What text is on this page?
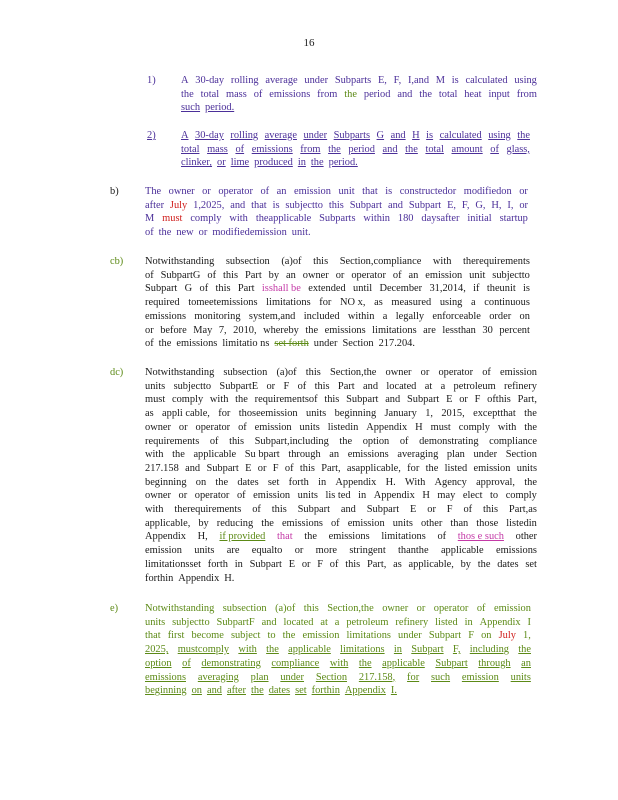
16
1) A 30-day rolling average under Subparts E, F, I,and M is calculated using
the total mass of emissions from the period and the total heat input from
such period.
2) A 30-day rolling average under Subparts G and H is calculated using the
total mass of emissions from the period and the total amount of glass,
clinker, or lime produced in the period.
b)	The owner or operator of an emission unit that is constructedor modifiedon or
after July 1,2025, and that is subjectto this Subpart and Subpart E, F, G, H, I, or
M must comply with theapplicable Subparts within 180 daysafter initial startup
of the new or modifiedemission unit.
cb) Notwithstanding subsection (a)of this Section,compliance with therequirements
of SubpartG of this Part by an owner or operator of an emission unit subjectto
Subpart G of this Part isshall be extended until December 31,2014, if theunit is
required tomeetemissions limitations for NO x, as measured using a continuous
emissions monitoring system,and included within a legally enforceable order on
or before May 7, 2010, whereby the emissions limitations are lessthan 30 percent
of the emissions limitatio ns set forth under Section 217.204.
dc) Notwithstanding subsection (a)of this Section,the owner or operator of emission
units subjectto SubpartE or F of this Part and located at a petroleum refinery
must comply with the requirementsof this Subpart and Subpart E or F ofthis Part,
as appli cable, for thoseemission units beginning January 1, 2015, exceptthat the
owner or operator of emission units listedin Appendix H must comply with the
requirements of this Subpart,including the option of demonstrating compliance
with the applicable Su bpart through an emissions averaging plan under Section
217.158 and Subpart E or F of this Part, asapplicable, for the listed emission units
beginning on the dates set forth in Appendix H. With Agency approval, the
owner or operator of emission units lis ted in Appendix H may elect to comply
with therequirements of this Subpart and Subpart E or F of this Part,as
applicable, by reducing the emissions of emission units other than those listedin
Appendix H, if provided that the emissions limitations of thos e such other
emission units are equalto or more stringent thanthe applicable emissions
limitationsset forth in Subpart E or F of this Part, as applicable, by the dates set
forthin Appendix H.
e)	Notwithstanding subsection (a)of this Section,the owner or operator of emission
units subjectto SubpartF and located at a petroleum refinery listed in Appendix I
that first become subject to the emission limitations under Subpart F on July 1,
2025, mustcomply with the applicable limitations in Subpart F, including the
option of demonstrating compliance with the applicable Subpart through an
emissions averaging plan under Section 217.158, for such emission units
beginning on and after the dates set forthin Appendix I.
